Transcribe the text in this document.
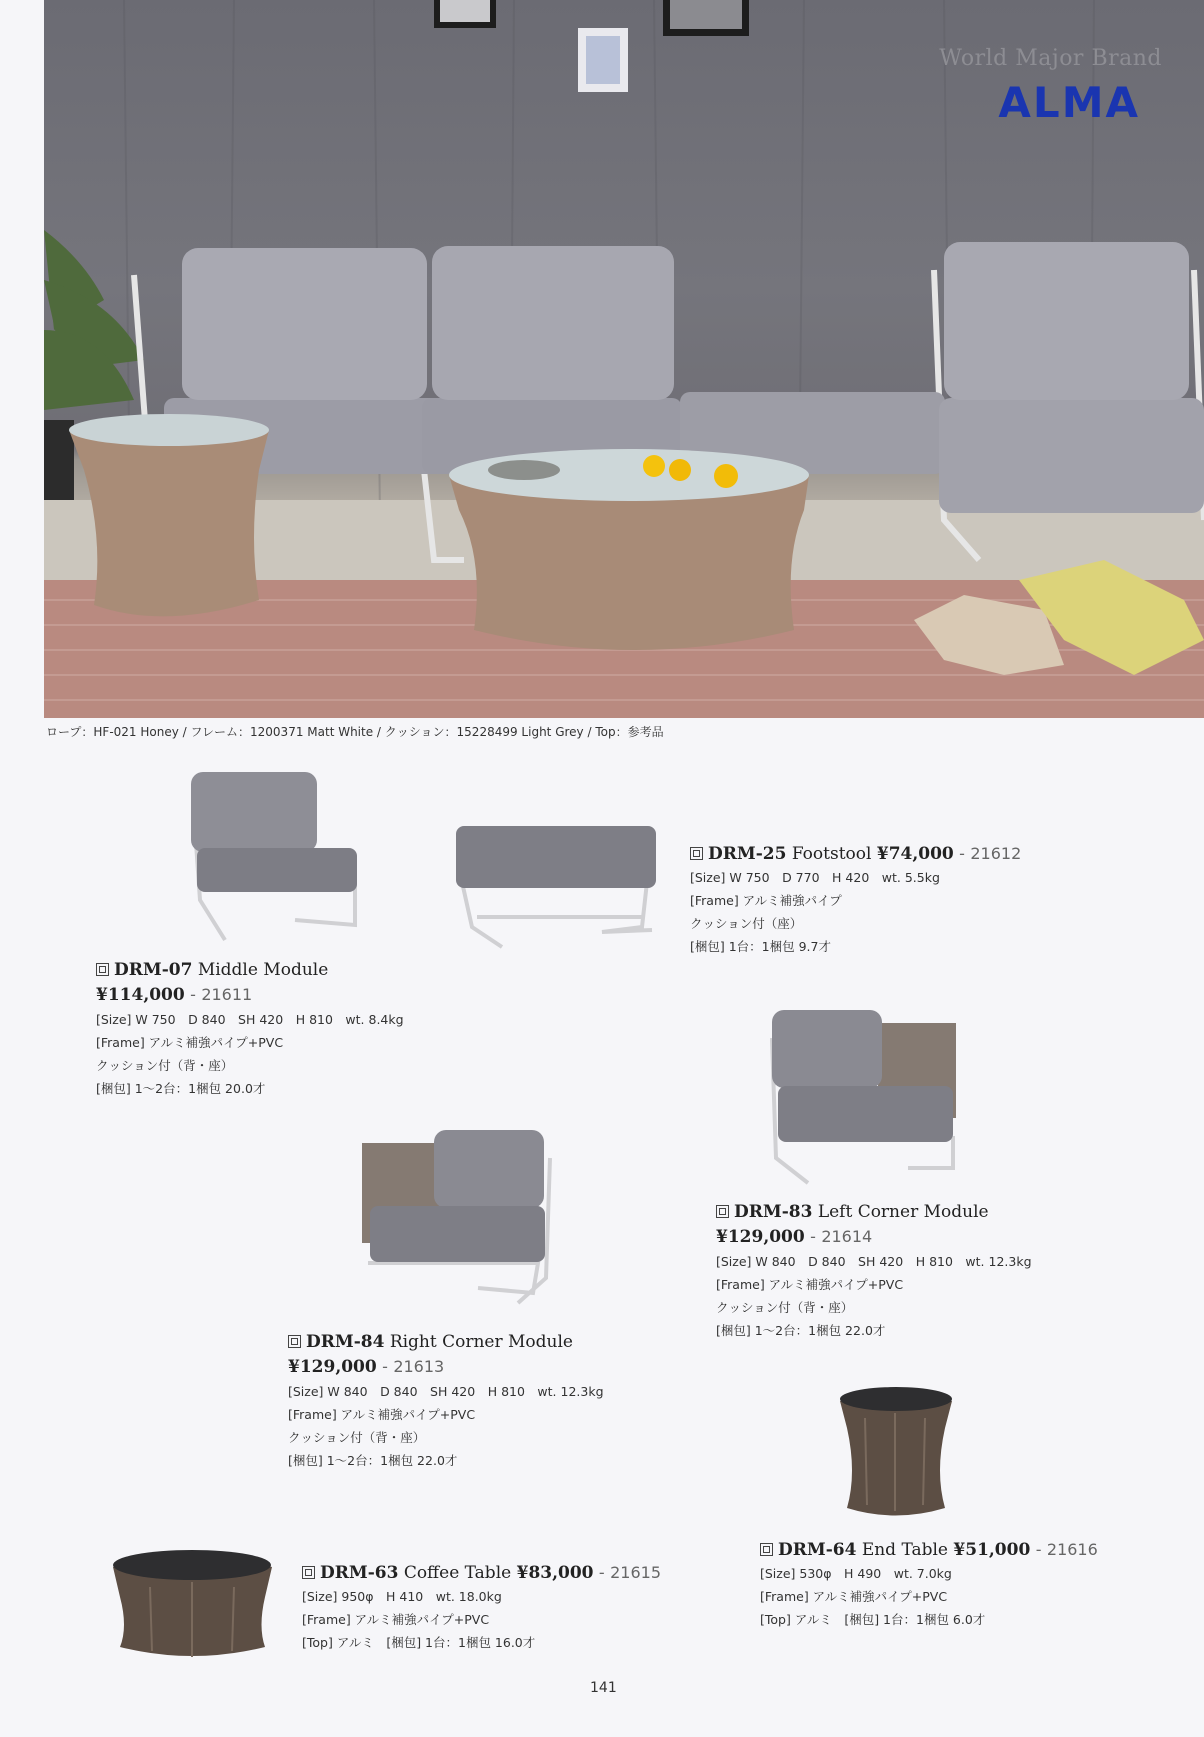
World Major Brand
ALMA
ロープ：HF-021 Honey / フレーム：1200371 Matt White / クッション：15228499 Light Grey / Top：参考品
DRM-25 Footstool ¥74,000 - 21612
[Size] W 750　D 770　H 420　wt. 5.5kg
[Frame] アルミ補強パイプ
クッション付（座）
[梱包] 1台：1梱包 9.7才
DRM-07 Middle Module
¥114,000 - 21611
[Size] W 750　D 840　SH 420　H 810　wt. 8.4kg
[Frame] アルミ補強パイプ+PVC
クッション付（背・座）
[梱包] 1〜2台：1梱包 20.0才
DRM-83 Left Corner Module
¥129,000 - 21614
[Size] W 840　D 840　SH 420　H 810　wt. 12.3kg
[Frame] アルミ補強パイプ+PVC
クッション付（背・座）
[梱包] 1〜2台：1梱包 22.0才
DRM-84 Right Corner Module
¥129,000 - 21613
[Size] W 840　D 840　SH 420　H 810　wt. 12.3kg
[Frame] アルミ補強パイプ+PVC
クッション付（背・座）
[梱包] 1〜2台：1梱包 22.0才
DRM-64 End Table ¥51,000 - 21616
[Size] 530φ　H 490　wt. 7.0kg
[Frame] アルミ補強パイプ+PVC
[Top] アルミ　[梱包] 1台：1梱包 6.0才
DRM-63 Coffee Table ¥83,000 - 21615
[Size] 950φ　H 410　wt. 18.0kg
[Frame] アルミ補強パイプ+PVC
[Top] アルミ　[梱包] 1台：1梱包 16.0才
141
